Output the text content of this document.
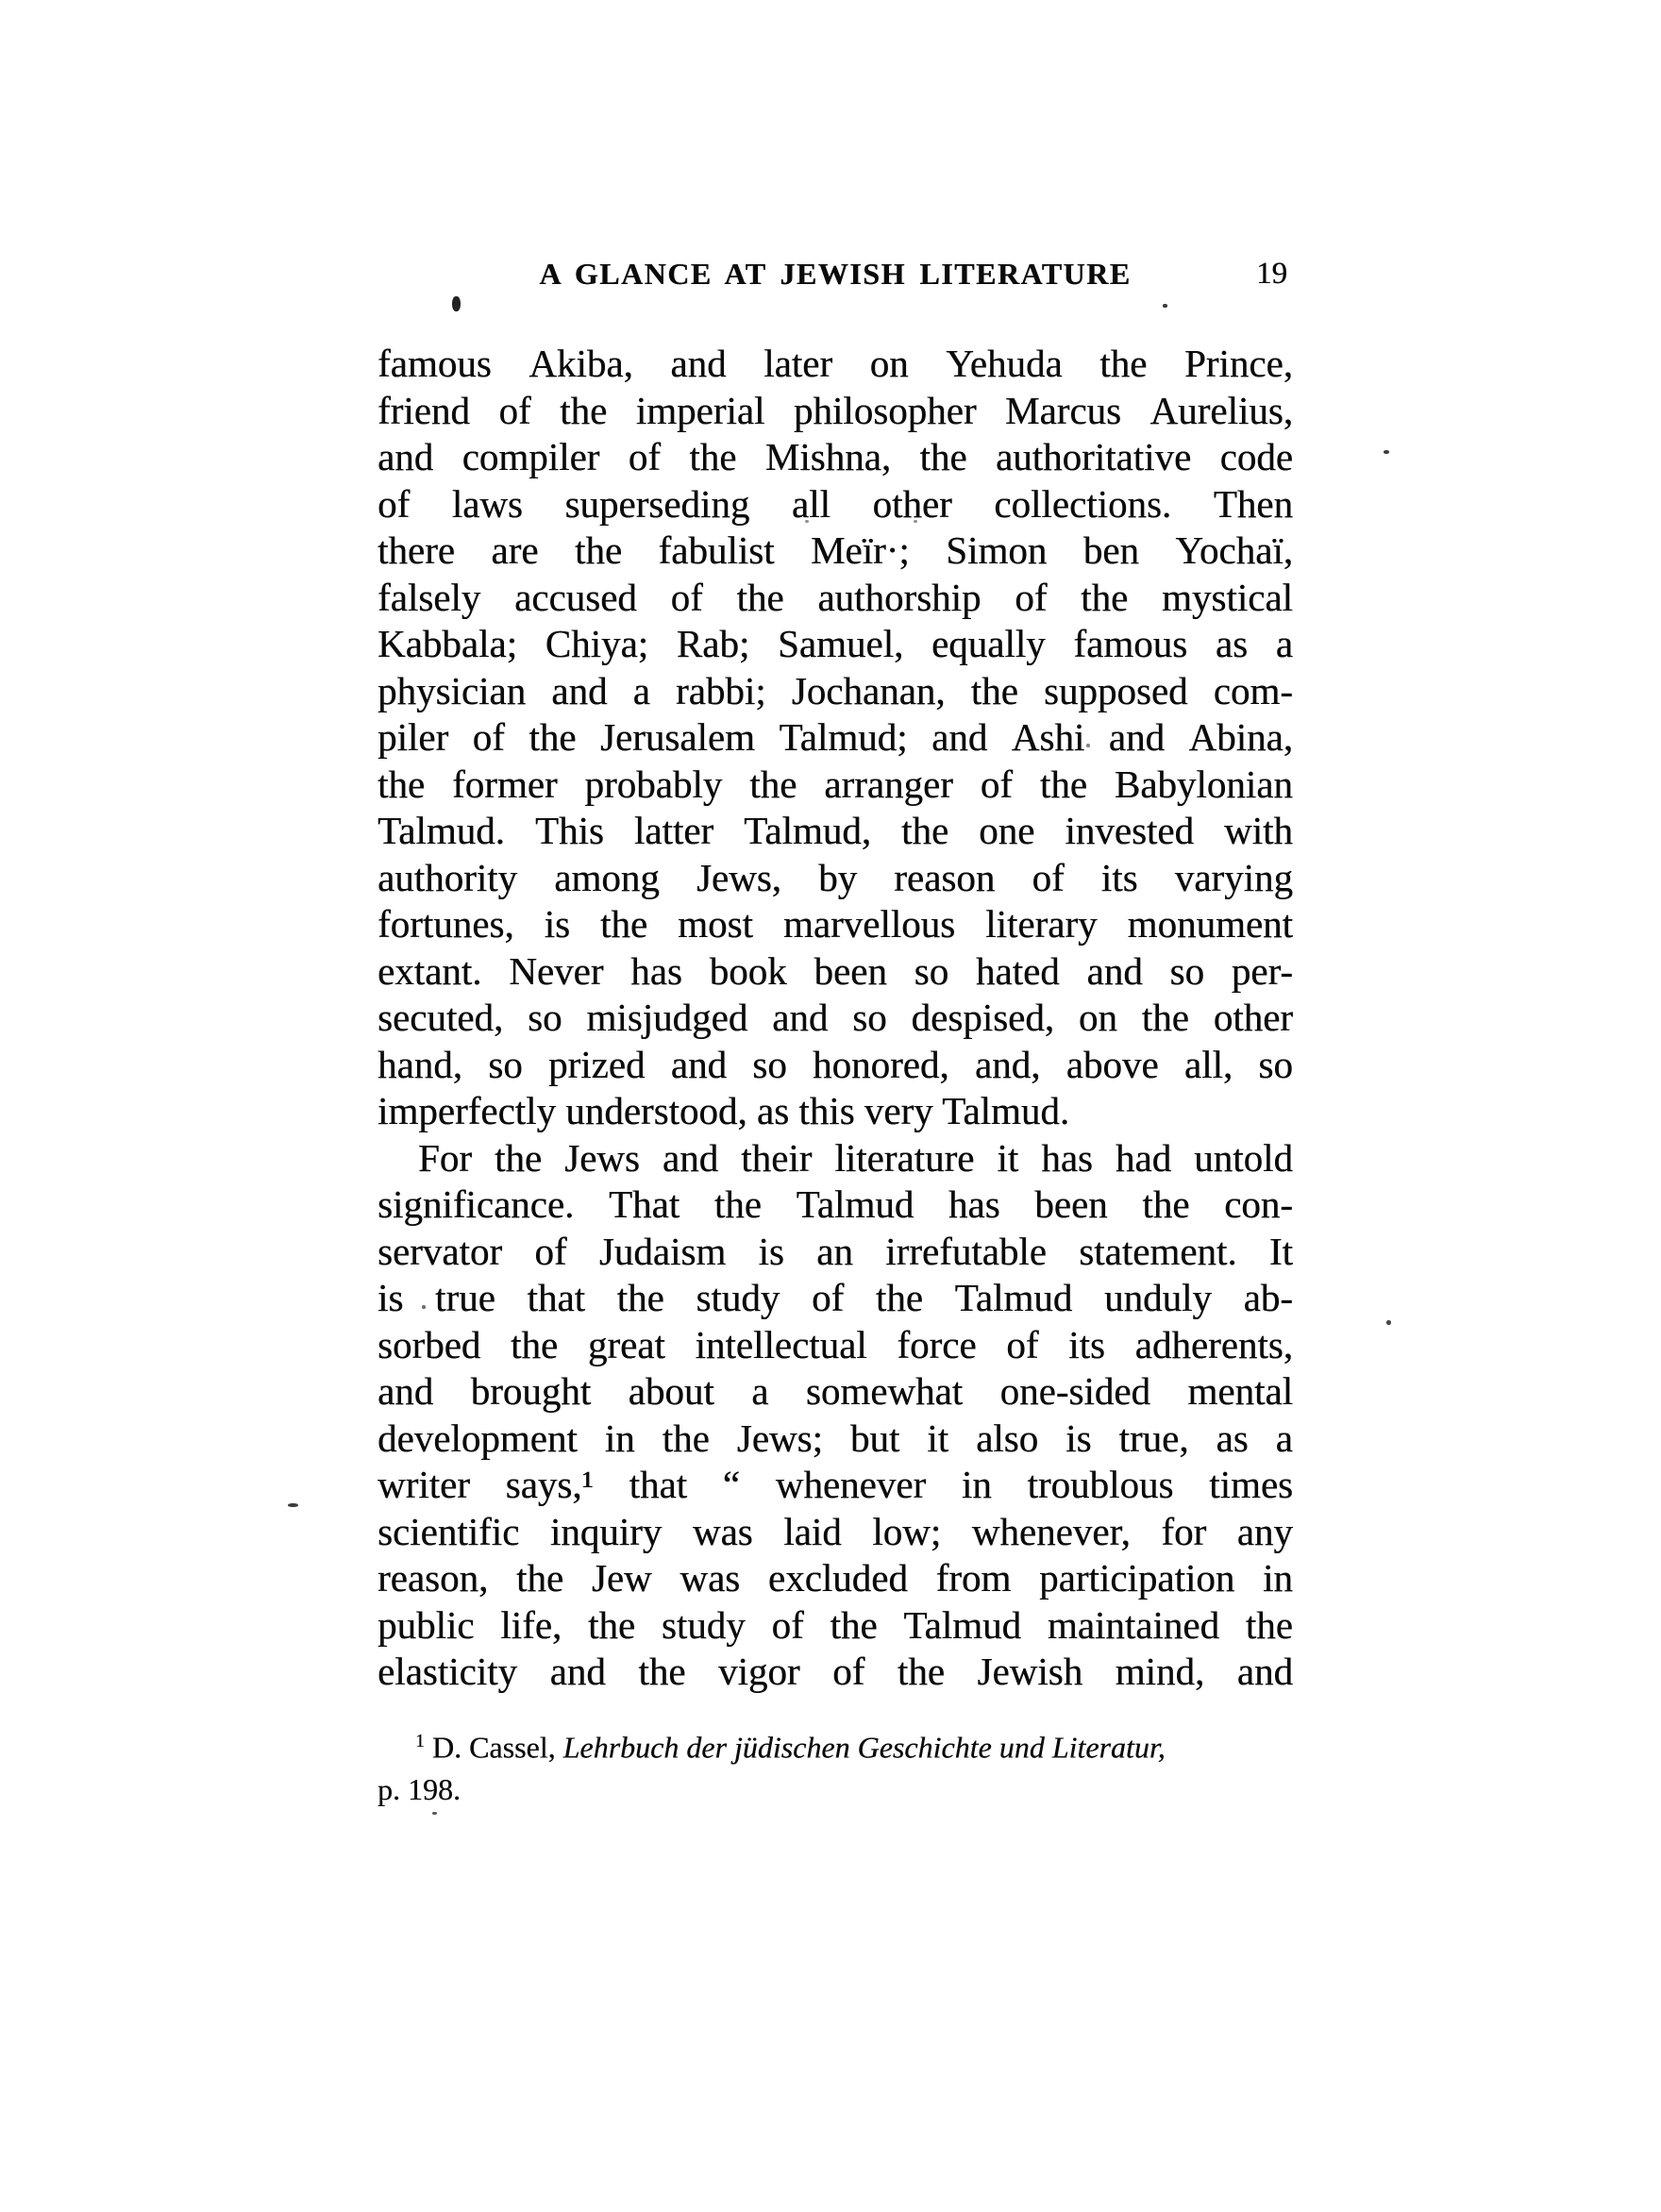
A GLANCE AT JEWISH LITERATURE	19
famous Akiba, and later on Yehuda the Prince,
friend of the imperial philosopher Marcus Aurelius,
and compiler of the Mishna, the authoritative code
of laws superseding all other collections. Then
there are the fabulist Meïr·; Simon ben Yochaï,
falsely accused of the authorship of the mystical
Kabbala; Chiya; Rab; Samuel, equally famous as a
physician and a rabbi; Jochanan, the supposed com-
piler of the Jerusalem Talmud; and Ashi and Abina,
the former probably the arranger of the Babylonian
Talmud. This latter Talmud, the one invested with
authority among Jews, by reason of its varying
fortunes, is the most marvellous literary monument
extant. Never has book been so hated and so per-
secuted, so misjudged and so despised, on the other
hand, so prized and so honored, and, above all, so
imperfectly understood, as this very Talmud.
For the Jews and their literature it has had untold
significance. That the Talmud has been the con-
servator of Judaism is an irrefutable statement. It
is true that the study of the Talmud unduly ab-
sorbed the great intellectual force of its adherents,
and brought about a somewhat one-sided mental
development in the Jews; but it also is true, as a
writer says,¹ that “ whenever in troublous times
scientific inquiry was laid low; whenever, for any
reason, the Jew was excluded from participation in
public life, the study of the Talmud maintained the
elasticity and the vigor of the Jewish mind, and
$^1$ D. Cassel, Lehrbuch der jüdischen Geschichte und Literatur,
p. 198.
